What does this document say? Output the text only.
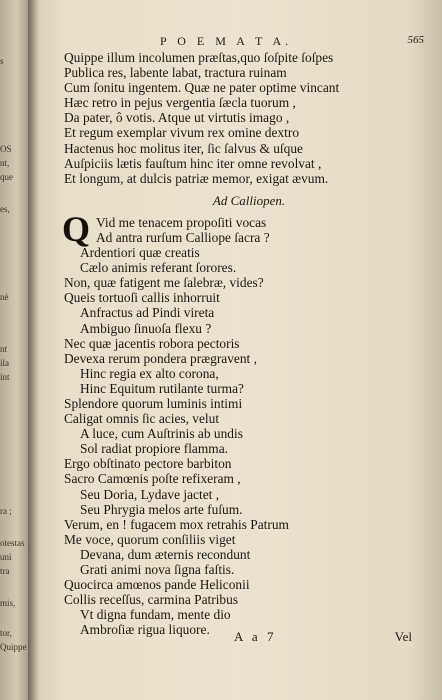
s
OS
nt,
que
es,
nè
nt
ila
int
ra ;
otestas
uni
tra
mis,
tor,
Quippe
P O E M A T A.	565
Quippe illum incolumen præſtas,quo ſoſpite ſoſpes
Publica res, labente labat, tractura ruinam
Cum ſonitu ingentem. Quæ ne pater optime vincant
Hæc retro in pejus vergentia ſæcla tuorum ,
Da pater, ô votis. Atque ut virtutis imago ,
Et regum exemplar vivum rex omine dextro
Hactenus hoc molitus iter, ſic ſalvus & uſque
Auſpiciis lætis fauſtum hinc iter omne revolvat ,
Et longum, at dulcis patriæ memor, exigat ævum.
Ad Calliopen.
Q Vid me tenacem propoſiti vocas
Ad antra rurſum Calliope ſacra ?
Ardentiori quæ creatis
Cælo animis referant ſorores.
Non, quæ fatigent me ſalebræ, vides?
Queis tortuoſi callis inhorruit
Anfractus ad Pindi vireta
Ambiguo ſinuoſa flexu ?
Nec quæ jacentis robora pectoris
Devexa rerum pondera prægravent ,
Hinc regia ex alto corona,
Hinc Equitum rutilante turma?
Splendore quorum luminis intimi
Caligat omnis ſic acies, velut
A luce, cum Auſtrinis ab undis
Sol radiat propiore flamma.
Ergo obſtinato pectore barbiton
Sacro Camœnis poſte refixeram ,
Seu Doria, Lydave jactet ,
Seu Phrygia melos arte fuſum.
Verum, en ! fugacem mox retrahis Patrum
Me voce, quorum conſiliis viget
Devana, dum æternis recondunt
Grati animi nova ſigna faſtis.
Quocirca amœnos pande Heliconii
Collis receſſus, carmina Patribus
Vt digna fundam, mente dio
Ambroſiæ rigua liquore.	A a 7	Vel
